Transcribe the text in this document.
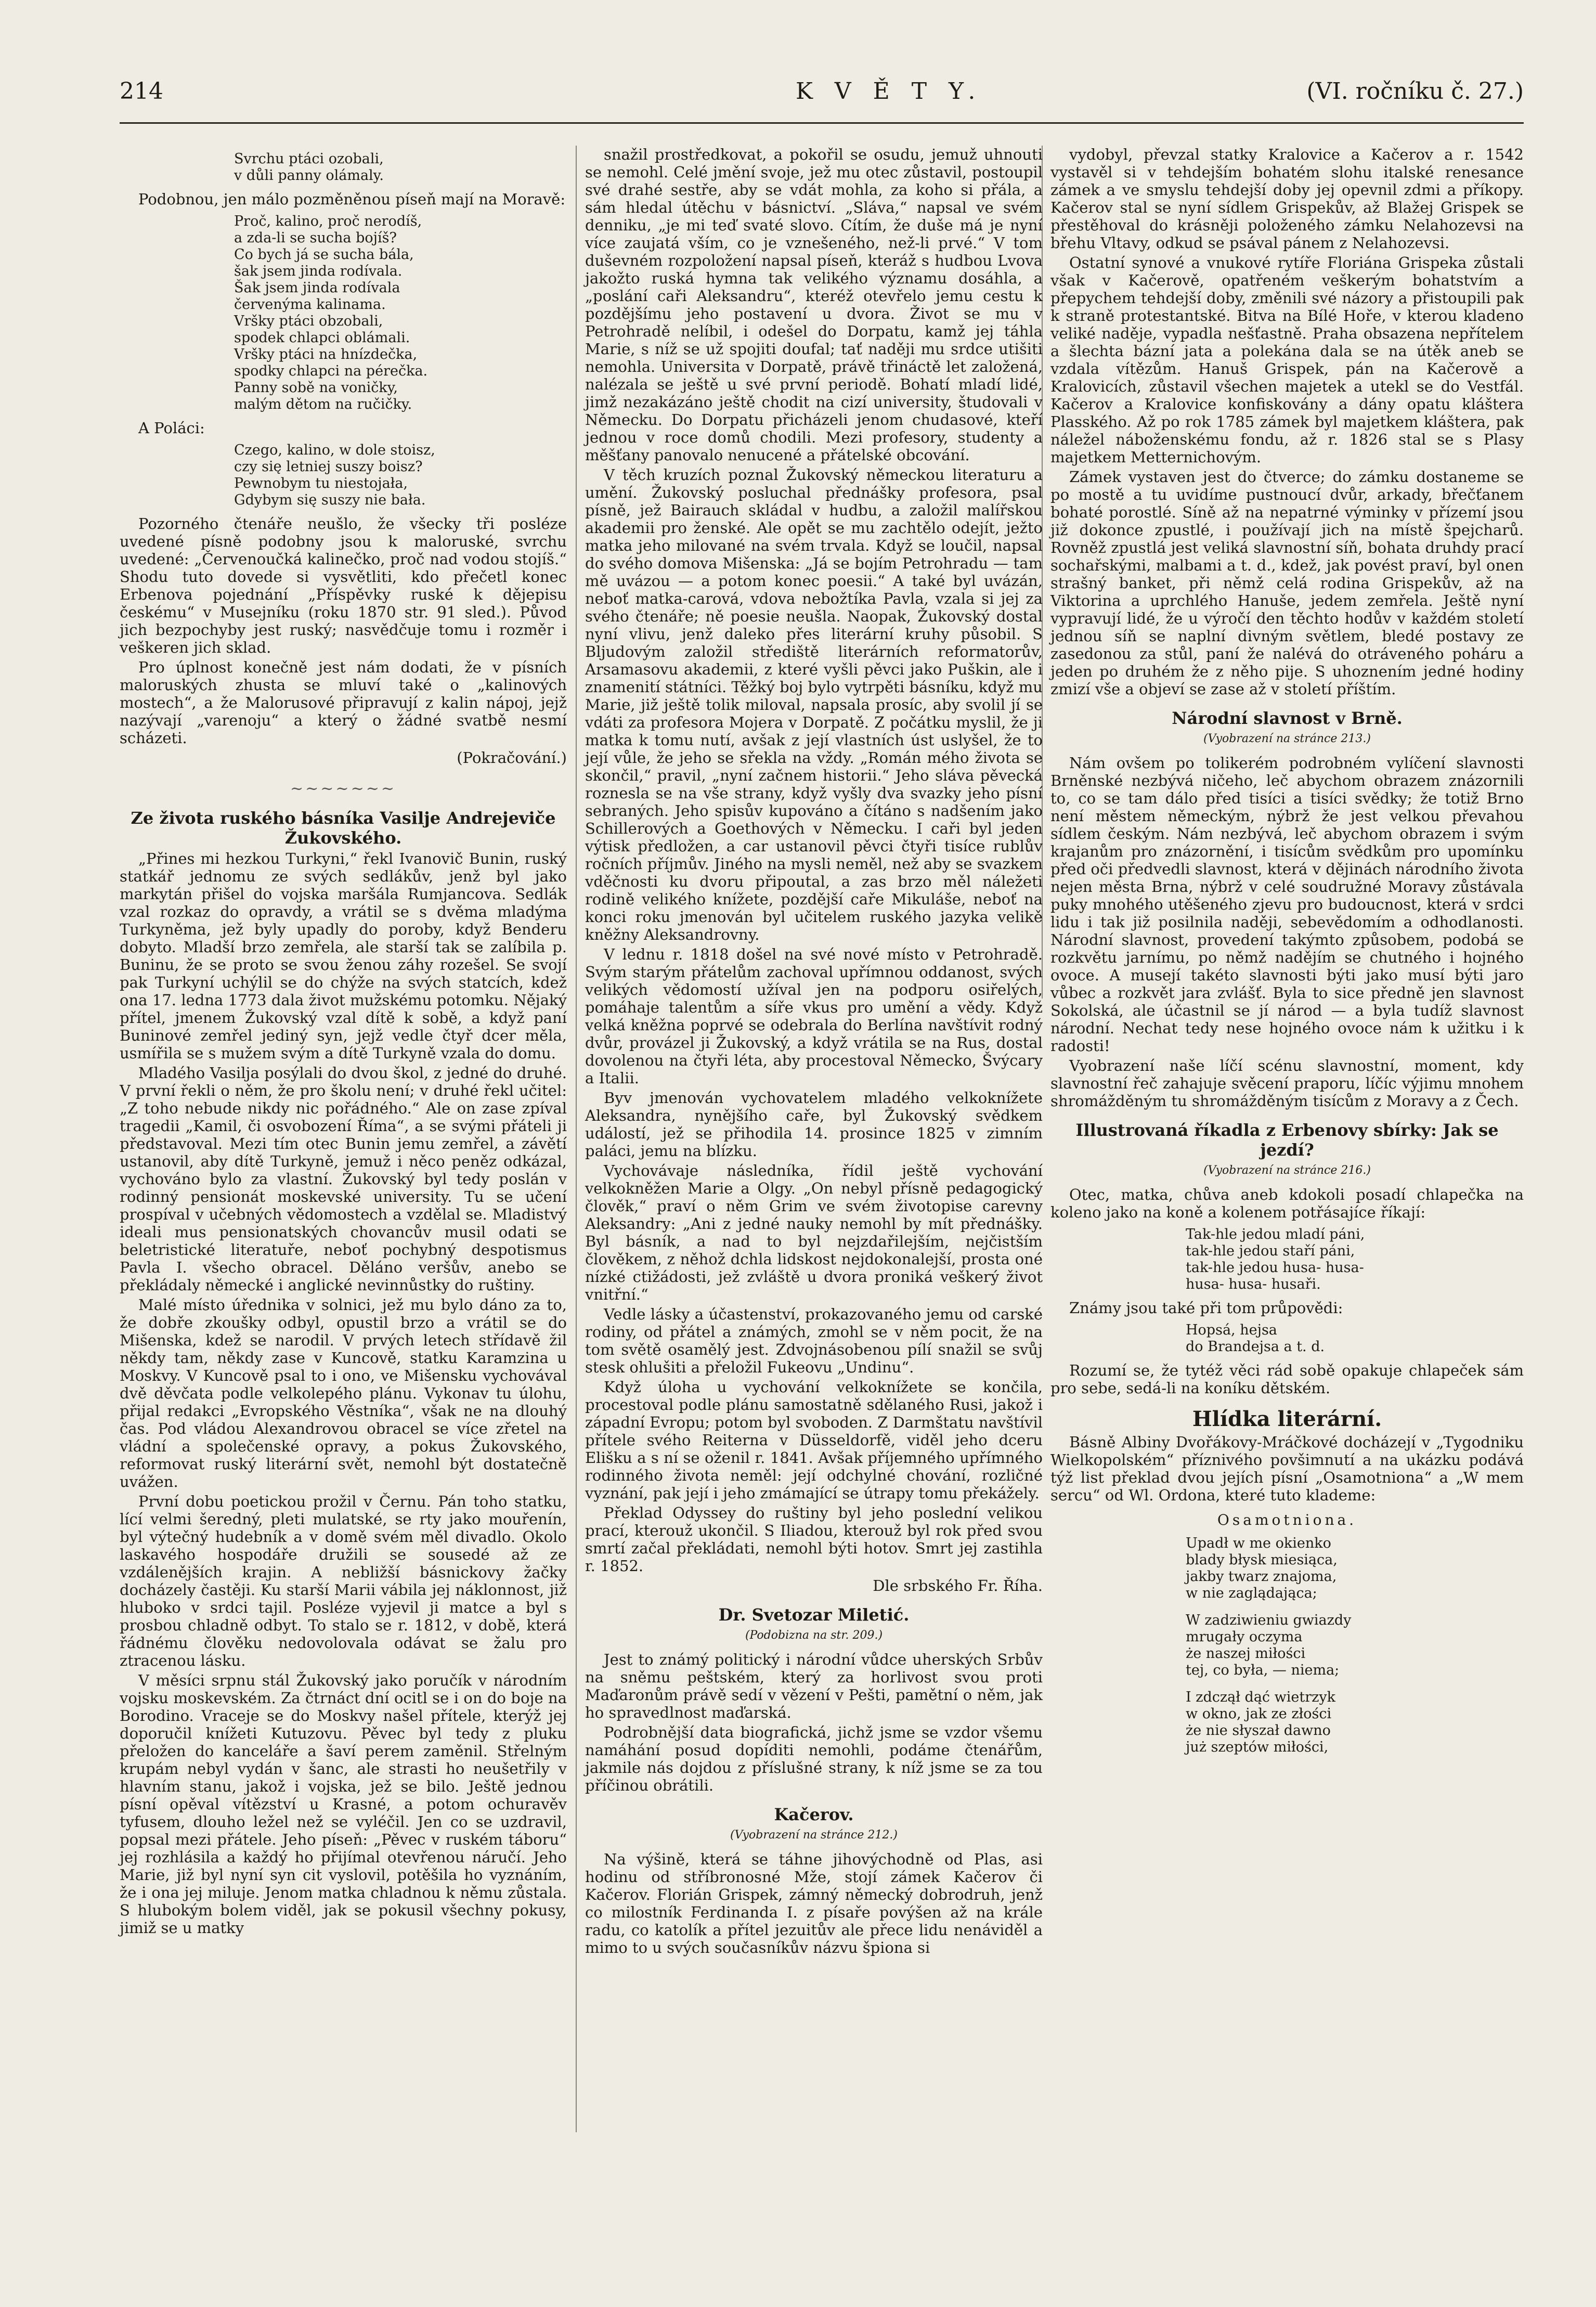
214	K V Ě T Y.	(VI. ročníku č. 27.)
Svrchu ptáci ozobali,
v důli panny olámaly.

Podobnou, jen málo pozměněnou píseň mají na Moravě:

Proč, kalino, proč nerodíš,
a zda-li se sucha bojíš?
Co bych já se sucha bála,
šak jsem jinda rodívala.
Šak jsem jinda rodívala
červenýma kalinama.
Vršky ptáci obzobali,
spodek chlapci oblámali.
Vršky ptáci na hnízdečka,
spodky chlapci na pérečka.
Panny sobě na voničky,
malým dětom na ručičky.
A Poláci:
Czego, kalino, w dole stoisz,
czy się letniej suszy boisz?
Pewnobym tu niestojała,
Gdybym się suszy nie bała.

Pozorného čtenáře neušlo, že všecky tři posléze uvedené písně podobny jsou k maloruské, svrchu uvedené: „Červenoučká kalinečko, proč nad vodou stojíš.“ Shodu tuto dovede si vysvětliti, kdo přečetl konec Erbenova pojednání „Příspěvky ruské k dějepisu českému“ v Musejníku (roku 1870 str. 91 sled.). Původ jich bezpochyby jest ruský; nasvědčuje tomu i rozměr i veškeren jich sklad.

Pro úplnost konečně jest nám dodati, že v písních maloruských zhusta se mluví také o „kalinových mostech“, a že Malorusové připravují z kalin nápoj, jejž nazývají „varenoju“ a který o žádné svatbě nesmí scházeti.

(Pokračování.)
~~~~~~~
Ze života ruského básníka Vasilje Andrejeviče Žukovského.

„Přines mi hezkou Turkyni,“ řekl Ivanovič Bunin, ruský statkář jednomu ze svých sedlákův, jenž byl jako markytán přišel do vojska maršála Rumjancova. Sedlák vzal rozkaz do opravdy, a vrátil se s dvěma mladýma Turkyněma, jež byly upadly do poroby, když Benderu dobyto. Mladší brzo zemřela, ale starší tak se zalíbila p. Buninu, že se proto se svou ženou záhy rozešel. Se svojí pak Turkyní uchýlil se do chýže na svých statcích, kdež ona 17. ledna 1773 dala život mužskému potomku. Nějaký přítel, jmenem Žukovský vzal dítě k sobě, a když paní Buninové zemřel jediný syn, jejž vedle čtyř dcer měla, usmířila se s mužem svým a dítě Turkyně vzala do domu.

Mladého Vasilja posýlali do dvou škol, z jedné do druhé. V první řekli o něm, že pro školu není; v druhé řekl učitel: „Z toho nebude nikdy nic pořádného.“ Ale on zase zpíval tragedii „Kamil, či osvobození Říma“, a se svými přáteli ji představoval. Mezi tím otec Bunin jemu zemřel, a závětí ustanovil, aby dítě Turkyně, jemuž i něco peněz odkázal, vychováno bylo za vlastní. Žukovský byl tedy poslán v rodinný pensionát moskevské university. Tu se učení prospíval v učebných vědomostech a vzdělal se. Mladistvý ideali mus pensionatských chovancův musil odati se beletristické literatuře, neboť pochybný despotismus Pavla I. všecho obracel. Děláno veršův, anebo se překládaly německé i anglické nevinnůstky do ruštiny.

Malé místo úřednika v solnici, jež mu bylo dáno za to, že dobře zkoušky odbyl, opustil brzo a vrátil se do Mišenska, kdež se narodil. V prvých letech střídavě žil někdy tam, někdy zase v Kuncově, statku Karamzina u Moskvy. V Kuncově psal to i ono, ve Mišensku vychovával dvě děvčata podle velkolepého plánu. Vykonav tu úlohu, přijal redakci „Evropského Věstníka“, však ne na dlouhý čas. Pod vládou Alexandrovou obracel se více zřetel na vládní a společenské opravy, a pokus Žukovského, reformovat ruský literární svět, nemohl být dostatečně uvážen.

První dobu poetickou prožil v Černu. Pán toho statku, lící velmi šeredný, pleti mulatské, se rty jako mouřenín, byl výtečný hudebník a v domě svém měl divadlo. Okolo laskavého hospodáře družili se sousedé až ze vzdálenějších krajin. A nebližší básnickovy žačky docházely častěji. Ku starší Marii vábila jej náklonnost, již hluboko v srdci tajil. Posléze vyjevil ji matce a byl s prosbou chladně odbyt. To stalo se r. 1812, v době, která řádnému člověku nedovolovala odávat se žalu pro ztracenou lásku.

V měsíci srpnu stál Žukovský jako poručík v národním vojsku moskevském. Za čtrnáct dní ocitl se i on do boje na Borodino. Vraceje se do Moskvy našel přítele, kterýž jej doporučil knížeti Kutuzovu. Pěvec byl tedy z pluku přeložen do kanceláře a šaví perem zaměnil. Střelným krupám nebyl vydán v šanc, ale strasti ho neušetřily v hlavním stanu, jakož i vojska, jež se bilo. Ještě jednou písní opěval vítězství u Krasné, a potom ochuravěv tyfusem, dlouho ležel než se vyléčil. Jen co se uzdravil, popsal mezi přátele. Jeho píseň: „Pěvec v ruském táboru“ jej rozhlásila a každý ho přijímal otevřenou náručí. Jeho Marie, již byl nyní syn cit vyslovil, potěšila ho vyznáním, že i ona jej miluje. Jenom matka chladnou k němu zůstala. S hlubokým bolem viděl, jak se pokusil všechny pokusy, jimiž se u matky

snažil prostředkovat, a pokořil se osudu, jemuž uhnouti se nemohl. Celé jmění svoje, jež mu otec zůstavil, postoupil své drahé sestře, aby se vdát mohla, za koho si přála, a sám hledal útěchu v básnictví. „Sláva,“ napsal ve svém denniku, „je mi teď svaté slovo. Cítím, že duše má je nyní více zaujatá vším, co je vznešeného, než-li prvé.“ V tom duševném rozpoložení napsal píseň, kteráž s hudbou Lvova jakožto ruská hymna tak velikého významu dosáhla, a „poslání caři Aleksandru“, kteréž otevřelo jemu cestu k pozdějšímu jeho postavení u dvora. Život se mu v Petrohradě nelíbil, i odešel do Dorpatu, kamž jej táhla Marie, s níž se už spojiti doufal; tať naději mu srdce utišiti nemohla. Universita v Dorpatě, právě třináctě let založená, nalézala se ještě u své první periodě. Bohatí mladí lidé, jimž nezakázáno ještě chodit na cizí university, študovali v Německu. Do Dorpatu přicházeli jenom chudasové, kteří jednou v roce domů chodili. Mezi profesory, studenty a měšťany panovalo nenucené a přátelské obcování.

V těch kruzích poznal Žukovský německou literaturu a umění. Žukovský posluchal přednášky profesora, psal písně, jež Bairauch skládal v hudbu, a založil malířskou akademii pro ženské. Ale opět se mu zachtělo odejít, ježto matka jeho milované na svém trvala. Když se loučil, napsal do svého domova Mišenska: „Já se bojím Petrohradu — tam mě uvázou — a potom konec poesii.“ A také byl uvázán, neboť matka-carová, vdova nebožtíka Pavla, vzala si jej za svého čtenáře; ně poesie neušla. Naopak, Žukovský dostal nyní vlivu, jenž daleko přes literární kruhy působil. S Bljudovým založil střediště literárních reformatorův, Arsamasovu akademii, z které vyšli pěvci jako Puškin, ale i znamenití státníci. Těžký boj bylo vytrpěti básníku, když mu Marie, již ještě tolik miloval, napsala prosíc, aby svolil jí se vdáti za profesora Mojera v Dorpatě. Z počátku myslil, že ji matka k tomu nutí, avšak z její vlastních úst uslyšel, že to její vůle, že jeho se sřekla na vždy. „Román mého života se skončil,“ pravil, „nyní začnem historii.“ Jeho sláva pěvecká roznesla se na vše strany, když vyšly dva svazky jeho písní sebraných. Jeho spisův kupováno a čítáno s nadšením jako Schillerových a Goethových v Německu. I caři byl jeden výtisk předložen, a car ustanovil pěvci čtyři tisíce rublův ročních příjmův. Jiného na mysli neměl, než aby se svazkem vděčnosti ku dvoru připoutal, a zas brzo měl náležeti rodině velikého knížete, pozdější caře Mikuláše, neboť na konci roku jmenován byl učitelem ruského jazyka velikě kněžny Aleksandrovny.

V lednu r. 1818 došel na své nové místo v Petrohradě. Svým starým přátelům zachoval upřímnou oddanost, svých velikých vědomostí užíval jen na podporu osiřelých, pomáhaje talentům a síře vkus pro umění a vědy. Když velká kněžna poprvé se odebrala do Berlína navštívit rodný dvůr, provázel ji Žukovský, a když vrátila se na Rus, dostal dovolenou na čtyři léta, aby procestoval Německo, Švýcary a Italii.

Byv jmenován vychovatelem mladého velkoknížete Aleksandra, nynějšího caře, byl Žukovský svědkem událostí, jež se přihodila 14. prosince 1825 v zimním paláci, jemu na blízku.

Vychovávaje následníka, řídil ještě vychování velkokněžen Marie a Olgy. „On nebyl přísně pedagogický člověk,“ praví o něm Grim ve svém životopise carevny Aleksandry: „Ani z jedné nauky nemohl by mít přednášky. Byl básník, a nad to byl nejzdařilejším, nejčistším člověkem, z něhož dchla lidskost nejdokonalejší, prosta oné nízké ctižádosti, jež zvláště u dvora proniká veškerý život vnitřní.“

Vedle lásky a účastenství, prokazovaného jemu od carské rodiny, od přátel a známých, zmohl se v něm pocit, že na tom světě osamělý jest. Zdvojnásobenou pílí snažil se svůj stesk ohlušiti a přeložil Fukeovu „Undinu“.

Když úloha u vychování velkoknížete se končila, procestoval podle plánu samostatně sdělaného Rusi, jakož i západní Evropu; potom byl svoboden. Z Darmštatu navštívil přítele svého Reiterna v Düsseldorfě, viděl jeho dceru Elišku a s ní se oženil r. 1841. Avšak příjemného upřímného rodinného života neměl: její odchylné chování, rozličné vyznání, pak její i jeho zmámající se útrapy tomu překážely.

Překlad Odyssey do ruštiny byl jeho poslední velikou prací, kterouž ukončil. S Iliadou, kterouž byl rok před svou smrtí začal překládati, nemohl býti hotov. Smrt jej zastihla r. 1852.

Dle srbského Fr. Říha.
Dr. Svetozar Miletić.
(Podobizna na str. 209.)

Jest to známý politický i národní vůdce uherských Srbův na sněmu peštském, který za horlivost svou proti Maďaronům právě sedí v vězení v Pešti, pamětní o něm, jak ho spravedlnost maďarská.

Podrobnější data biografická, jichž jsme se vzdor všemu namáhání posud dopíditi nemohli, podáme čtenářům, jakmile nás dojdou z příslušné strany, k níž jsme se za tou příčinou obrátili.

Kačerov.
(Vyobrazení na stránce 212.)

Na výšině, která se táhne jihovýchodně od Plas, asi hodinu od stříbronosné Mže, stojí zámek Kačerov či Kačerov. Florián Grispek, zámný německý dobrodruh, jenž co milostník Ferdinanda I. z písaře povýšen až na krále radu, co katolík a přítel jezuitův ale přece lidu nenáviděl a mimo to u svých současníkův názvu špiona si

vydobyl, převzal statky Kralovice a Kačerov a r. 1542 vystavěl si v tehdejším bohatém slohu italské renesance zámek a ve smyslu tehdejší doby jej opevnil zdmi a příkopy. Kačerov stal se nyní sídlem Grispekův, až Blažej Grispek se přestěhoval do krásněji položeného zámku Nelahozevsi na břehu Vltavy, odkud se psával pánem z Nelahozevsi.

Ostatní synové a vnukové rytíře Floriána Grispeka zůstali však v Kačerově, opatřeném veškerým bohatstvím a přepychem tehdejší doby, změnili své názory a přistoupili pak k straně protestantské. Bitva na Bílé Hoře, v kterou kladeno veliké naděje, vypadla nešťastně. Praha obsazena nepřítelem a šlechta bázní jata a polekána dala se na útěk aneb se vzdala vítězům. Hanuš Grispek, pán na Kačerově a Kralovicích, zůstavil všechen majetek a utekl se do Vestfál. Kačerov a Kralovice konfiskovány a dány opatu kláštera Plasského. Až po rok 1785 zámek byl majetkem kláštera, pak náležel náboženskému fondu, až r. 1826 stal se s Plasy majetkem Metternichovým.

Zámek vystaven jest do čtverce; do zámku dostaneme se po mostě a tu uvidíme pustnoucí dvůr, arkady, břečťanem bohaté porostlé. Síně až na nepatrné výminky v přízemí jsou již dokonce zpustlé, i používají jich na místě špejcharů. Rovněž zpustlá jest veliká slavnostní síň, bohata druhdy prací sochařskými, malbami a t. d., kdež, jak povést praví, byl onen strašný banket, při němž celá rodina Grispekův, až na Viktorina a uprchlého Hanuše, jedem zemřela. Ještě nyní vypravují lidé, že u výročí den těchto hodův v každém století jednou síň se naplní divným světlem, bledé postavy ze zasedonou za stůl, paní že nalévá do otráveného poháru a jeden po druhém že z něho pije. S uhoznením jedné hodiny zmizí vše a objeví se zase až v století příštím.

Národní slavnost v Brně.
(Vyobrazení na stránce 213.)

Nám ovšem po tolikerém podrobném vylíčení slavnosti Brněnské nezbývá ničeho, leč abychom obrazem znázornili to, co se tam dálo před tisíci a tisíci svědky; že totiž Brno není městem německým, nýbrž že jest velkou převahou sídlem českým. Nám nezbývá, leč abychom obrazem i svým krajanům pro znázornění, i tisícům svědkům pro upomínku před oči předvedli slavnost, která v dějinách národního života nejen města Brna, nýbrž v celé soudružné Moravy zůstávala puky mnohého utěšeného zjevu pro budoucnost, která v srdci lidu i tak již posilnila naději, sebevědomím a odhodlanosti. Národní slavnost, provedení takýmto způsobem, podobá se rozkvětu jarnímu, po němž nadějím se chutného i hojného ovoce. A musejí takéto slavnosti býti jako musí býti jaro vůbec a rozkvět jara zvlášť. Byla to sice předně jen slavnost Sokolská, ale účastnil se jí národ — a byla tudíž slavnost národní. Nechat tedy nese hojného ovoce nám k užitku i k radosti!

Vyobrazení naše líčí scénu slavnostní, moment, kdy slavnostní řeč zahajuje svěcení praporu, líčíc výjimu mnohem shromážděným tu shromážděným tisícům z Moravy a z Čech.

Illustrovaná říkadla z Erbenovy sbírky: Jak se jezdí?
(Vyobrazení na stránce 216.)

Otec, matka, chůva aneb kdokoli posadí chlapečka na koleno jako na koně a kolenem potřásajíce říkají:

Tak-hle jedou mladí páni,
tak-hle jedou staří páni,
tak-hle jedou husa- husa-
husa- husa- husaři.

Známy jsou také při tom průpovědi:

Hopsá, hejsa
do Brandejsa a t. d.

Rozumí se, že tytéž věci rád sobě opakuje chlapeček sám pro sebe, sedá-li na koníku dětském.

Hlídka literární.

Básně Albiny Dvořákovy-Mráčkové docházejí v „Tygodniku Wielkopolském“ příznivého povšimnutí a na ukázku podává týž list překlad dvou jejích písní „Osamotniona“ a „W mem sercu“ od Wl. Ordona, které tuto klademe:

Osamotniona.
Upadł w me okienko
blady błysk miesiąca,
jakby twarz znajoma,
w nie zaglądająca;
W zadziwieniu gwiazdy
mrugały oczyma
że naszej miłości
tej, co była, — niema;
I zdczął dąć wietrzyk
w okno, jak ze złości
że nie słyszał dawno
już szeptów miłości,
